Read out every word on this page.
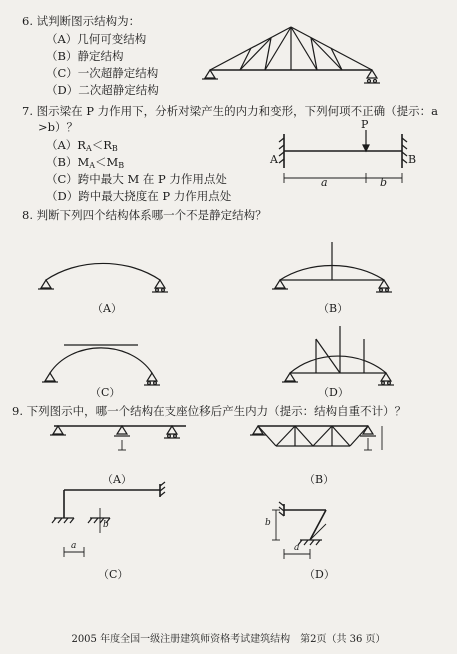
6. 试判断图示结构为：
（A）几何可变结构
（B）静定结构
（C）一次超静定结构
（D）二次超静定结构
7. 图示梁在 P 力作用下，分析对梁产生的内力和变形，下列何项不正确（提示：a
>b）？
$(A)R_A<R_B$
$(B)M_A<M_B$
（C）跨中最大 M 在 P 力作用点处
（D）跨中最大挠度在 P 力作用点处
P
A	B
a	b
8. 判断下列四个结构体系哪一个不是静定结构？
（A）	（B）
（C）	（D）
9. 下列图示中，哪一个结构在支座位移后产生内力（提示：结构自重不计）？
（A）	（B）
（C）	（D）
b
a
b
a
2005 年度全国一级注册建筑师资格考试建筑结构　第2页（共 36 页）
